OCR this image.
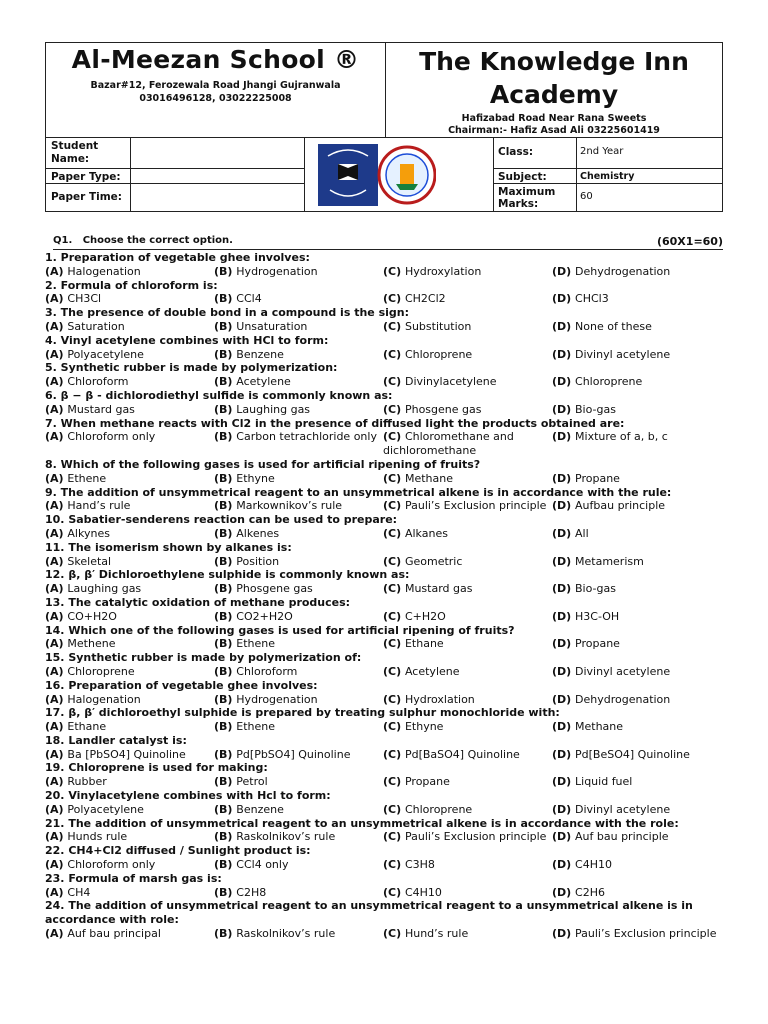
Al-Meezan School ®
Bazar#12, Ferozewala Road Jhangi Gujranwala
03016496128, 03022225008
The Knowledge Inn
Academy
Hafizabad Road Near Rana Sweets
Chairman:- Hafiz Asad Ali 03225601419
Student Name:
Paper Type:
Paper Time:
Class:	2nd Year
Subject:	Chemistry
Maximum Marks:
60
Q1. Choose the correct option.	(60X1=60)
1. Preparation of vegetable ghee involves:
(A) Halogenation	(B) Hydrogenation	(C) Hydroxylation	(D) Dehydrogenation
2. Formula of chloroform is:
(A) CH3Cl	(B) CCl4	(C) CH2Cl2	(D) CHCl3
3. The presence of double bond in a compound is the sign:
(A) Saturation	(B) Unsaturation	(C) Substitution	(D) None of these
4. Vinyl acetylene combines with HCl to form:
(A) Polyacetylene	(B) Benzene	(C) Chloroprene	(D) Divinyl acetylene
5. Synthetic rubber is made by polymerization:
(A) Chloroform	(B) Acetylene	(C) Divinylacetylene	(D) Chloroprene
6. β − β - dichlorodiethyl sulfide is commonly known as:
(A) Mustard gas	(B) Laughing gas	(C) Phosgene gas	(D) Bio-gas
7. When methane reacts with Cl2 in the presence of diffused light the products obtained are:
(A) Chloroform only	(B) Carbon tetrachloride only (C) Chloromethane and dichloromethane
(D) Mixture of a, b, c
8. Which of the following gases is used for artificial ripening of fruits?
(A) Ethene	(B) Ethyne	(C) Methane	(D) Propane
9. The addition of unsymmetrical reagent to an unsymmetrical alkene is in accordance with the rule:
(A) Hand’s rule	(B) Markownikov’s rule	(C) Pauli’s Exclusion principle (D) Aufbau principle
10. Sabatier-senderens reaction can be used to prepare:
(A) Alkynes	(B) Alkenes	(C) Alkanes	(D) All
11. The isomerism shown by alkanes is:
(A) Skeletal	(B) Position	(C) Geometric	(D) Metamerism
12. β, β′ Dichloroethylene sulphide is commonly known as:
(A) Laughing gas	(B) Phosgene gas	(C) Mustard gas	(D) Bio-gas
13. The catalytic oxidation of methane produces:
(A) CO+H2O	(B) CO2+H2O	(C) C+H2O	(D) H3C-OH
14. Which one of the following gases is used for artificial ripening of fruits?
(A) Methene	(B) Ethene	(C) Ethane	(D) Propane
15. Synthetic rubber is made by polymerization of:
(A) Chloroprene	(B) Chloroform	(C) Acetylene	(D) Divinyl acetylene
16. Preparation of vegetable ghee involves:
(A) Halogenation	(B) Hydrogenation	(C) Hydroxlation	(D) Dehydrogenation
17. β, β′ dichloroethyl sulphide is prepared by treating sulphur monochloride with:
(A) Ethane	(B) Ethene	(C) Ethyne	(D) Methane
18. Landler catalyst is:
(A) Ba [PbSO4] Quinoline	(B) Pd[PbSO4] Quinoline	(C) Pd[BaSO4] Quinoline	(D) Pd[BeSO4] Quinoline
19. Chloroprene is used for making:
(A) Rubber	(B) Petrol	(C) Propane	(D) Liquid fuel
20. Vinylacetylene combines with Hcl to form:
(A) Polyacetylene	(B) Benzene	(C) Chloroprene	(D) Divinyl acetylene
21. The addition of unsymmetrical reagent to an unsymmetrical alkene is in accordance with the role:
(A) Hunds rule	(B) Raskolnikov’s rule	(C) Pauli’s Exclusion principle (D) Auf bau principle
22. CH4+Cl2 diffused / Sunlight product is:
(A) Chloroform only	(B) CCl4 only	(C) C3H8	(D) C4H10
23. Formula of marsh gas is:
(A) CH4	(B) C2H8	(C) C4H10	(D) C2H6
24. The addition of unsymmetrical reagent to an unsymmetrical reagent to a unsymmetrical alkene is in accordance with role:
(A) Auf bau principal	(B) Raskolnikov’s rule	(C) Hund’s rule	(D) Pauli’s Exclusion principle
